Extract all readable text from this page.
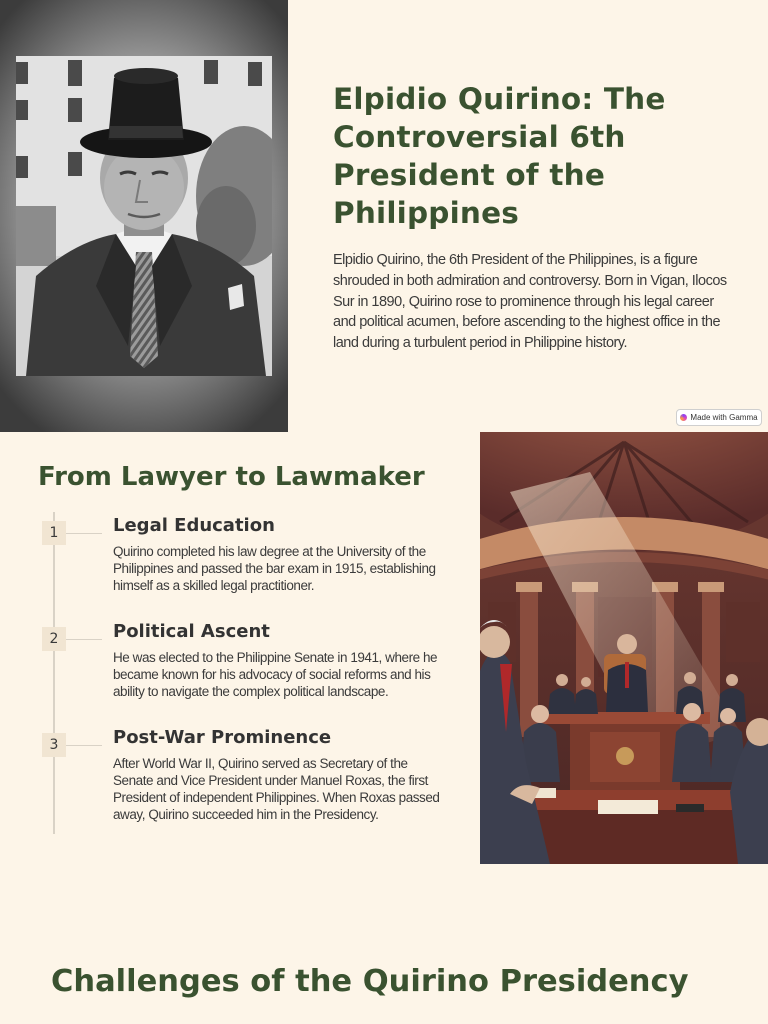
Elpidio Quirino: The Controversial 6th President of the Philippines

Elpidio Quirino, the 6th President of the Philippines, is a figure shrouded in both admiration and controversy. Born in Vigan, Ilocos Sur in 1890, Quirino rose to prominence through his legal career and political acumen, before ascending to the highest office in the land during a turbulent period in Philippine history.

Made with Gamma
From Lawyer to Lawmaker
1	Legal Education

Quirino completed his law degree at the University of the Philippines and passed the bar exam in 1915, establishing himself as a skilled legal practitioner.

2	Political Ascent

He was elected to the Philippine Senate in 1941, where he became known for his advocacy of social reforms and his ability to navigate the complex political landscape.

3	Post-War Prominence

After World War II, Quirino served as Secretary of the Senate and Vice President under Manuel Roxas, the first President of independent Philippines. When Roxas passed away, Quirino succeeded him in the Presidency.

Challenges of the Quirino Presidency
